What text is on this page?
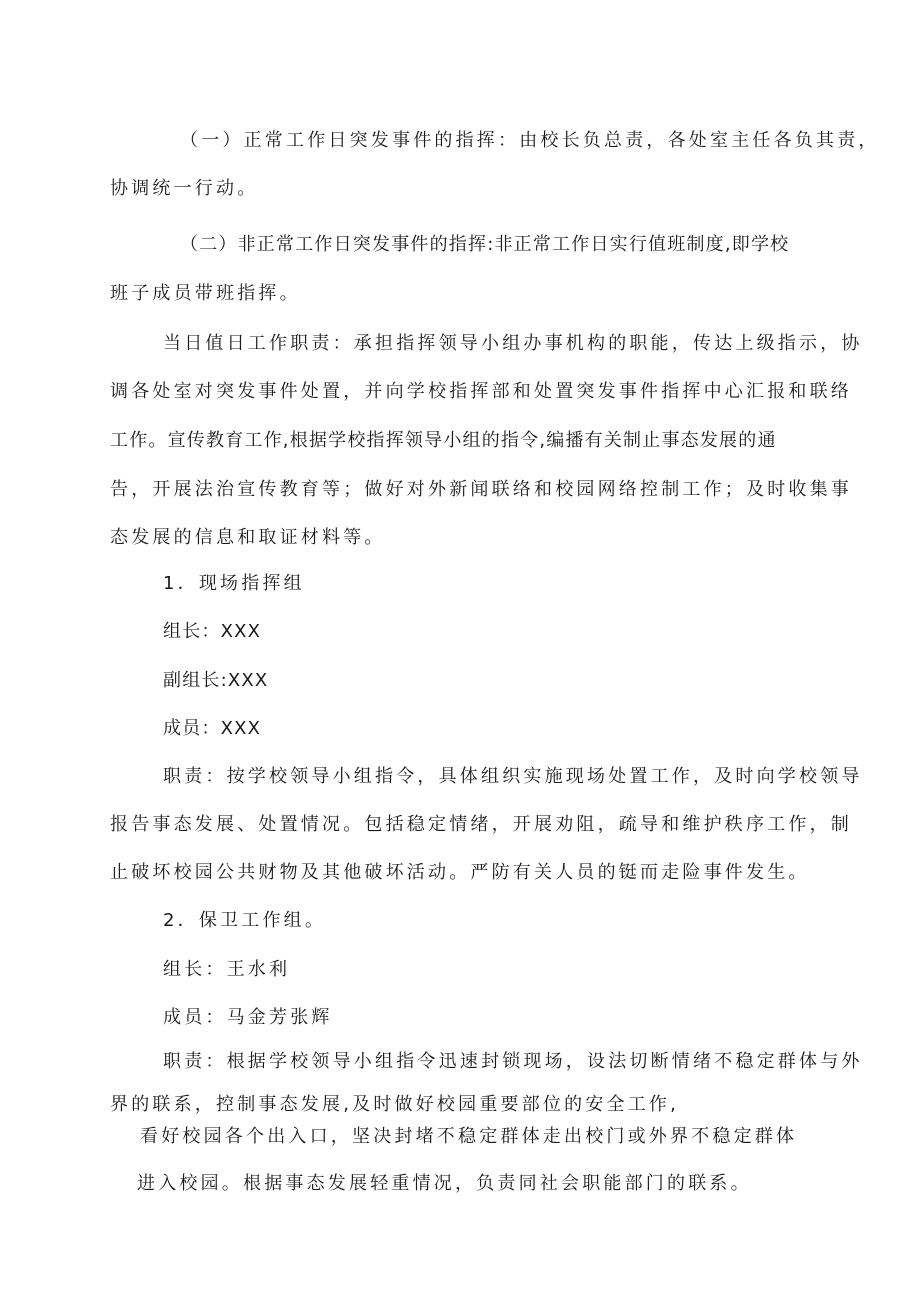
（一）正常工作日突发事件的指挥：由校长负总责，各处室主任各负其责，
协调统一行动。
（二）非正常工作日突发事件的指挥:非正常工作日实行值班制度,即学校
班子成员带班指挥。
当日值日工作职责：承担指挥领导小组办事机构的职能，传达上级指示，协
调各处室对突发事件处置，并向学校指挥部和处置突发事件指挥中心汇报和联络
工作。宣传教育工作,根据学校指挥领导小组的指令,编播有关制止事态发展的通
告，开展法治宣传教育等；做好对外新闻联络和校园网络控制工作；及时收集事
态发展的信息和取证材料等。
1．现场指挥组
组长：XXX
副组长:XXX
成员：XXX
职责：按学校领导小组指令，具体组织实施现场处置工作，及时向学校领导
报告事态发展、处置情况。包括稳定情绪，开展劝阻，疏导和维护秩序工作，制
止破坏校园公共财物及其他破坏活动。严防有关人员的铤而走险事件发生。
2．保卫工作组。
组长：王水利
成员：马金芳张辉
职责：根据学校领导小组指令迅速封锁现场，设法切断情绪不稳定群体与外
界的联系，控制事态发展,及时做好校园重要部位的安全工作,
看好校园各个出入口，坚决封堵不稳定群体走出校门或外界不稳定群体
进入校园。根据事态发展轻重情况，负责同社会职能部门的联系。
